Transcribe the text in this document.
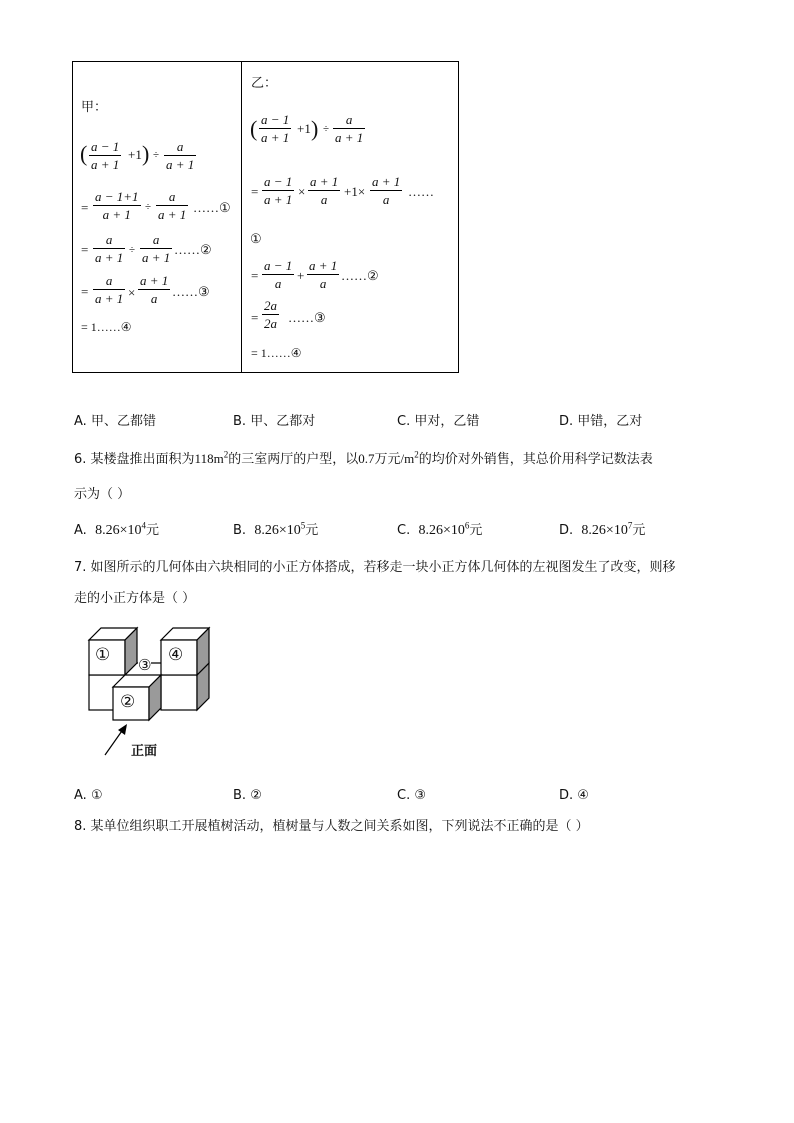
甲：
( $\frac{a - 1}{a + 1} +1$ ) ÷ $\frac{a}{a + 1}$
= $\frac{a - 1+1}{a + 1} \div \frac{a}{a + 1}$ ……①
= $\frac{a}{a + 1} \div \frac{a}{a + 1}$ ……②
= $\frac{a}{a + 1} \times \frac{a + 1}{a}$ ……③
= 1……④
乙：
( $\frac{a - 1}{a + 1} +1$ ) ÷ $\frac{a}{a + 1}$
= $\frac{a - 1}{a + 1} \times \frac{a + 1}{a} +1\times \frac{a + 1}{a}$ ……
①
= $\frac{a - 1}{a} + \frac{a + 1}{a}$ ……②
= $\frac{2a}{2a}$ ……③
= 1……④
A. 甲、乙都错	B. 甲、乙都对	C. 甲对，乙错	D. 甲错，乙对
6. 某楼盘推出面积为$118m^2$的三室两厅的户型，以0.7万元$/m^2$的均价对外销售，其总价用科学记数法表
示为（ ）
A. $8.26\times 10^4$元	B. $8.26\times 10^5$元	C. $8.26\times 10^6$元	D. $8.26\times 10^7$元
7. 如图所示的几何体由六块相同的小正方体搭成，若移走一块小正方体几何体的左视图发生了改变，则移
走的小正方体是（ ）
① ③ ④
②
正面
A. ①	B. ②	C. ③	D. ④
8. 某单位组织职工开展植树活动，植树量与人数之间关系如图，下列说法不正确的是（ ）
